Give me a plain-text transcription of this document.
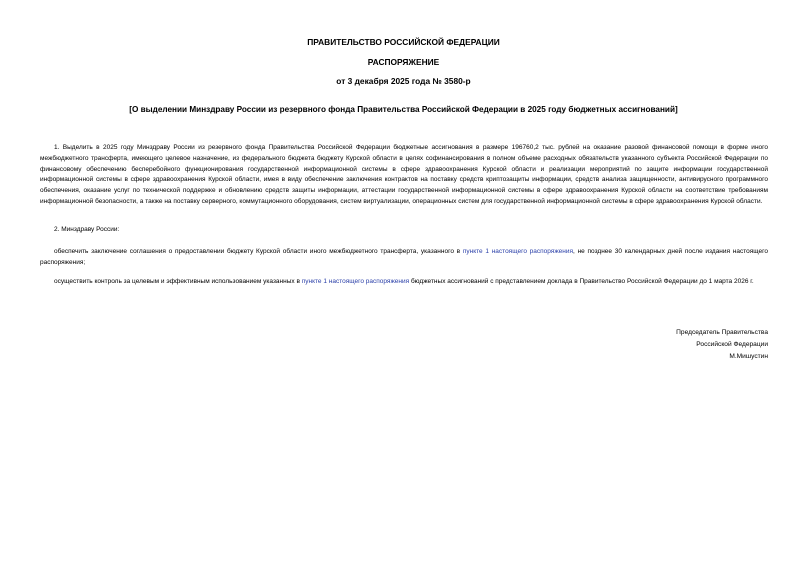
ПРАВИТЕЛЬСТВО РОССИЙСКОЙ ФЕДЕРАЦИИ
РАСПОРЯЖЕНИЕ
от 3 декабря 2025 года № 3580-р
[О выделении Минздраву России из резервного фонда Правительства Российской Федерации в 2025 году бюджетных ассигнований]

1. Выделить в 2025 году Минздраву России из резервного фонда Правительства Российской Федерации бюджетные ассигнования в размере 196760,2 тыс. рублей на оказание разовой финансовой помощи в форме иного межбюджетного трансферта, имеющего целевое назначение, из федерального бюджета бюджету Курской области в целях софинансирования в полном объеме расходных обязательств указанного субъекта Российской Федерации по финансовому обеспечению бесперебойного функционирования государственной информационной системы в сфере здравоохранения Курской области и реализации мероприятий по защите информации государственной информационной системы в сфере здравоохранения Курской области, имея в виду обеспечение заключения контрактов на поставку средств криптозащиты информации, средств анализа защищенности, антивирусного программного обеспечения, оказание услуг по технической поддержке и обновлению средств защиты информации, аттестации государственной информационной системы в сфере здравоохранения Курской области на соответствие требованиям информационной безопасности, а также на поставку серверного, коммутационного оборудования, систем виртуализации, операционных систем для государственной информационной системы в сфере здравоохранения Курской области.

2. Минздраву России:

обеспечить заключение соглашения о предоставлении бюджету Курской области иного межбюджетного трансферта, указанного в пункте 1 настоящего распоряжения, не позднее 30 календарных дней после издания настоящего распоряжения;

осуществить контроль за целевым и эффективным использованием указанных в пункте 1 настоящего распоряжения бюджетных ассигнований с представлением доклада в Правительство Российской Федерации до 1 марта 2026 г.

Председатель Правительства
Российской Федерации
М.Мишустин
